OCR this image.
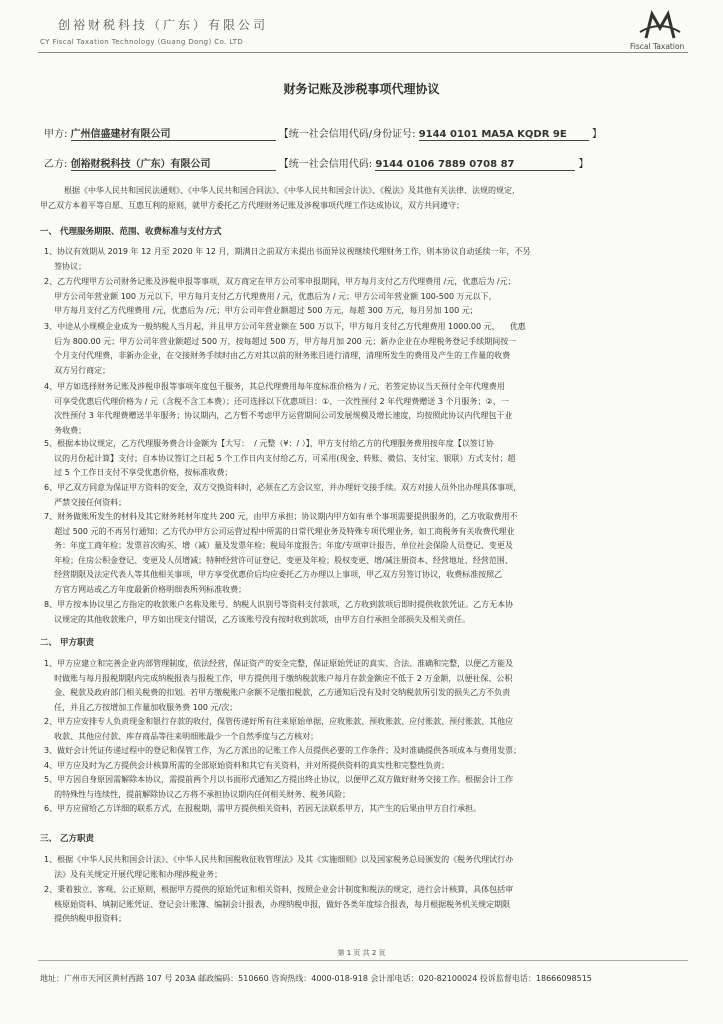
创裕财税科技（广东）有限公司
CY Fiscal Taxation Technology (Guang Dong) Co. LTD	Fiscal Taxation
财务记账及涉税事项代理协议
甲方: 广州信盛建材有限公司	【统一社会信用代码/身份证号: 9144 0101 MA5A KQDR 9E	】
乙方: 创裕财税科技（广东）有限公司	【统一社会信用代码: 9144 0106 7889 0708 87	】
根据《中华人民共和国民法通则》、《中华人民共和国合同法》、《中华人民共和国会计法》、《税法》及其他有关法律、法规的规定，
甲乙双方本着平等自愿、互惠互利的原则，就甲方委托乙方代理财务记账及涉税事项代理工作达成协议，双方共同遵守；
一、 代理服务期限、范围、收费标准与支付方式
二、 甲方职责
三、 乙方职责
1、协议有效期从 2019 年 12 月至 2020 年 12 月，期满日之前双方未提出书面异议视继续代理财务工作，则本协议自动延续一年，不另
签协议；
2、乙方代理甲方公司财务记账及涉税申报等事项，双方商定在甲方公司零申报期间，甲方每月支付乙方代理费用 /元，优惠后为 /元；
甲方公司年营业额 100 万元以下，甲方每月支付乙方代理费用 / 元，优惠后为 / 元；甲方公司年营业额 100-500 万元以下，
甲方每月支付乙方代理费用 /元，优惠后为 /元；甲方公司年营业额超过 500 万元，每超 300 万元，每月另加 100 元；
3、中途从小规模企业成为一般纳税人当月起，并且甲方公司年营业额在 500 万以下，甲方每月支付乙方代理费用 1000.00 元，    优惠
后为 800.00 元；甲方公司年营业额超过 500 万，按每超过 500 万，甲方每月加 200 元；新办企业在办理税务登记手续期间按一
个月支付代理费，非新办企业，在交接财务手续时由乙方对其以前的财务账目进行清理，清理所发生的费用及产生的工作量的收费
双方另行商定；
4、甲方如选择财务记账及涉税申报等事项年度包干服务，其总代理费用每年度标准价格为 / 元，若签定协议当天预付全年代理费用
可享受优惠后代理价格为 / 元（含税不含工本费）；还可选择以下优惠项目：①、一次性预付 2 年代理费赠送 3 个月服务；②、一
次性预付 3 年代理费赠送半年服务；协议期内，乙方暂不考虑甲方运营期间公司发展规模及增长速度，均按照此协议内代理包干业
务收费；
5、根据本协议规定，乙方代理服务费合计金额为【大写：  / 元整（¥：/ ）】，甲方支付给乙方的代理服务费用按年度【以签订协
议的月份起计算】支付；自本协议签订之日起 5 个工作日内支付给乙方，可采用(现金、转账、微信、支付宝、银联）方式支付；超
过 5 个工作日支付不享受优惠价格，按标准收费；
6、甲乙双方同意为保证甲方资料的安全，双方交换资料时，必须在乙方会议室，并办理好交接手续。双方对接人员外出办理具体事项，
严禁交接任何资料；
7、财务做账所发生的材料及其它财务耗材年度共 200 元，由甲方承担；协议期内甲方如有单个事项需要提供服务的，乙方收取费用不
超过 500 元的不再另行通知；乙方代办甲方公司运营过程中所需的日常代理业务及特殊专项代理业务，如工商税务有关收费代理业
务：年度工商年检；发票首次购买、增（减）量及发票年检；税局年度报告；年度/专项审计报告，单位社会保险人员登记、变更及
年检；住房公积金登记、变更及人员增减；特种经营许可证登记、变更及年检；股权变更、增/减注册资本、经营地址、经营范围、
经营期限及法定代表人等其他相关事项，甲方享受优惠价后均应委托乙方办理以上事项，甲乙双方另签订协议，收费标准按照乙
方官方网站或乙方年度最新价格明细表所列标准收费；
8、甲方按本协议里乙方指定的收款账户名称及账号、纳税人识别号等资料支付款项，乙方收到款项后即时提供收款凭证。乙方无本协
议规定的其他收款账户，甲方如出现支付错误，乙方该账号没有按时收到款项，由甲方自行承担全部损失及相关责任。
1、甲方应建立和完善企业内部管理制度，依法经营，保证资产的安全完整，保证原始凭证的真实、合法、准确和完整，以便乙方能及
时做账与每月报税期限内完成纳税报表与报税工作，甲方提供用于缴纳税款账户每月存款金额应不低于 2 万金额，以便社保、公积
金、税款及政府部门相关税费的扣划。若甲方缴税账户余额不足缴扣税款，乙方通知后没有及时交纳税款所引发的损失乙方不负责
任，并且乙方按增加工作量加收服务费 100 元/次；
2、甲方应安排专人负责现金和银行存款的收付，保管传递好所有往来原始单据，应收账款、预收账款、应付账款、预付账款、其他应
收款、其他应付款、库存商品等往来明细账最少一个自然季度与乙方核对；
3、做好会计凭证传递过程中的登记和保管工作，为乙方派出的记账工作人员提供必要的工作条件；及时准确提供各项成本与费用发票；
4、甲方应及时为乙方提供会计核算所需的全部原始资料和其它有关资料，并对所提供资料的真实性和完整性负责；
5、甲方因自身原因需解除本协议，需提前两个月以书面形式通知乙方提出终止协议，以便甲乙双方做好财务交接工作。根据会计工作
的特殊性与连续性，提前解除协议乙方将不承担协议期内任何相关财务、税务风险；
6、甲方应留给乙方详细的联系方式，在报税期，需甲方提供相关资料，若因无法联系甲方，其产生的后果由甲方自行承担。
1、根据《中华人民共和国会计法》、《中华人民共和国税收征收管理法》及其《实施细则》以及国家税务总局颁发的《税务代理试行办
法》及有关规定开展代理记账和办理涉税业务；
2、秉着独立、客观、公正原则，根据甲方提供的原始凭证和相关资料，按照企业会计制度和税法的规定，进行会计核算，具体包括审
核原始资料、填制记账凭证、登记会计账簿、编制会计报表，办理纳税申报，做好各类年度综合报表，每月根据税务机关规定期限
提供纳税申报资料；
第 1 页 共 2 页
地址：广州市天河区黄村西路 107 号 203A 邮政编码：510660 咨询热线：4000-018-918 会计部电话：020-82100024 投诉监督电话：18666098515
